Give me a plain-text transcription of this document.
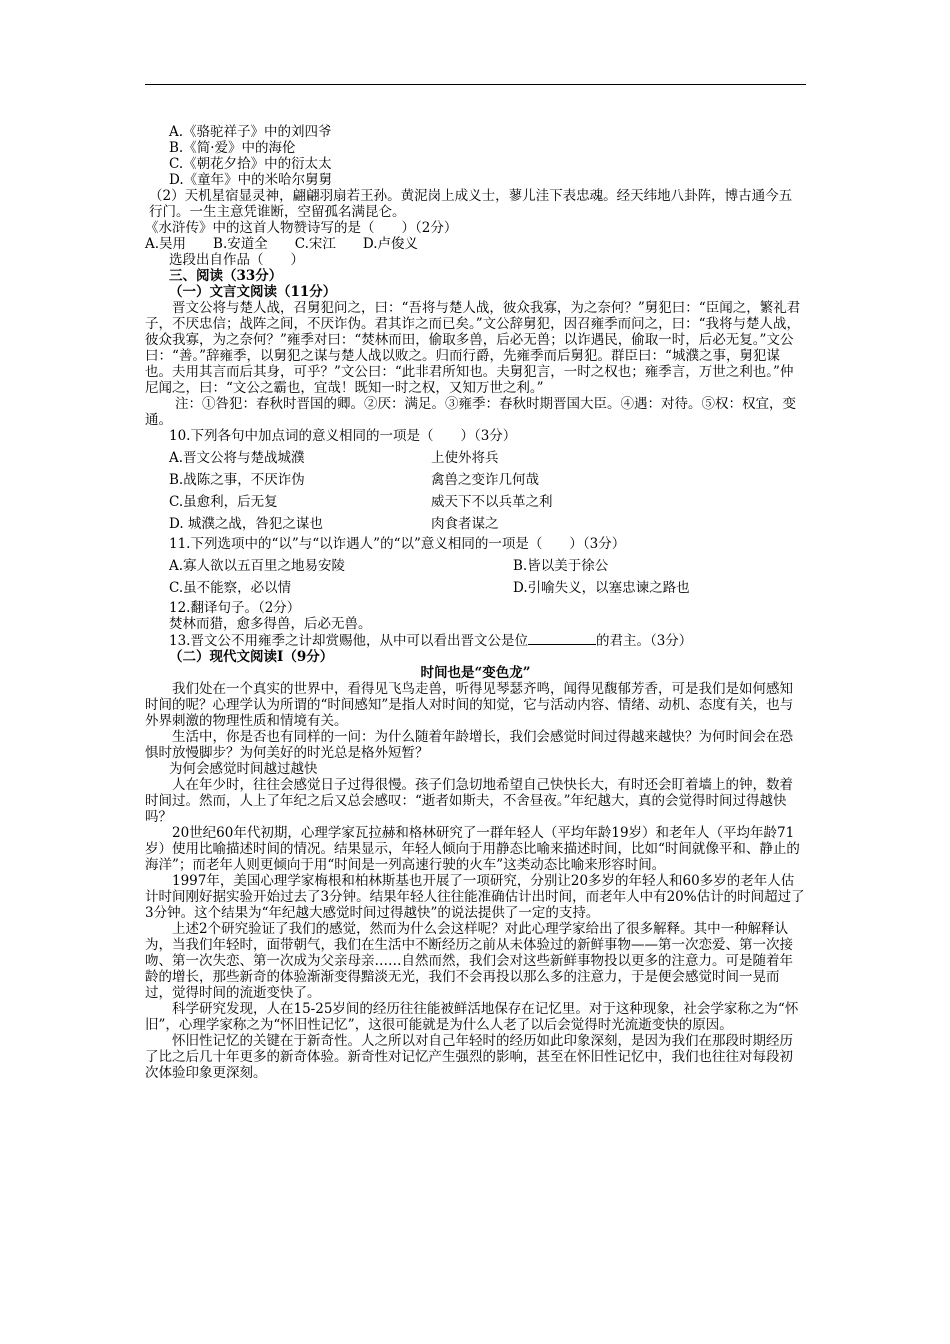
A.《骆驼祥子》中的刘四爷
B.《简·爱》中的海伦
C.《朝花夕拾》中的衍太太
D.《童年》中的米哈尔舅舅
（2）天机星宿显灵神，翩翩羽扇若王孙。黄泥岗上成义士，蓼儿洼下表忠魂。经天纬地八卦阵，博古通今五行门。一生主意凭谁断，空留孤名满昆仑。
《水浒传》中的这首人物赞诗写的是（　　）（2分）
A.吴用　　B.安道全　　C.宋江　　D.卢俊义
选段出自作品（　　）
三、阅读（33分）
（一）文言文阅读（11分）
晋文公将与楚人战，召舅犯问之，曰：“吾将与楚人战，彼众我寡，为之奈何？”舅犯曰：“臣闻之，繁礼君子，不厌忠信；战阵之间，不厌诈伪。君其诈之而已矣。”文公辞舅犯，因召雍季而问之，曰：“我将与楚人战，彼众我寡，为之奈何？”雍季对曰：“焚林而田，偷取多兽，后必无兽；以诈遇民，偷取一时，后必无复。”文公曰：“善。”辞雍季，以舅犯之谋与楚人战以败之。归而行爵，先雍季而后舅犯。群臣曰：“城濮之事，舅犯谋也。夫用其言而后其身，可乎？”文公曰：“此非君所知也。夫舅犯言，一时之权也；雍季言，万世之利也。”仲尼闻之，曰：“文公之霸也，宜哉！既知一时之权，又知万世之利。”
注：①咎犯：春秋时晋国的卿。②厌：满足。③雍季：春秋时期晋国大臣。④遇：对待。⑤权：权宜，变通。
10.下列各句中加点词的意义相同的一项是（　　）（3分）
A.晋文公将与楚战城濮	上使外将兵
B.战陈之事，不厌诈伪	禽兽之变诈几何哉
C.虽愈利，后无复	威天下不以兵革之利
D. 城濮之战，咎犯之谋也	肉食者谋之
11.下列选项中的“以”与“以诈遇人”的“以”意义相同的一项是（　　）（3分）
A.寡人欲以五百里之地易安陵	B.皆以美于徐公
C.虽不能察，必以情	D.引喻失义，以塞忠谏之路也
12.翻译句子。（2分）
焚林而猎，愈多得兽，后必无兽。
13.晋文公不用雍季之计却赏赐他，从中可以看出晋文公是位	的君主。（3分）
（二）现代文阅读Ⅰ（9分）
时间也是“变色龙”
我们处在一个真实的世界中，看得见飞鸟走兽，听得见琴瑟齐鸣，闻得见馥郁芳香，可是我们是如何感知时间的呢？心理学认为所谓的“时间感知”是指人对时间的知觉，它与活动内容、情绪、动机、态度有关，也与外界刺激的物理性质和情境有关。
生活中，你是否也有同样的一问：为什么随着年龄增长，我们会感觉时间过得越来越快？为何时间会在恐惧时放慢脚步？为何美好的时光总是格外短暂？
为何会感觉时间越过越快
人在年少时，往往会感觉日子过得很慢。孩子们急切地希望自己快快长大，有时还会盯着墙上的钟，数着时间过。然而，人上了年纪之后又总会感叹：“逝者如斯夫，不舍昼夜。”年纪越大，真的会觉得时间过得越快吗？
20世纪60年代初期，心理学家瓦拉赫和格林研究了一群年轻人（平均年龄19岁）和老年人（平均年龄71岁）使用比喻描述时间的情况。结果显示，年轻人倾向于用静态比喻来描述时间，比如“时间就像平和、静止的海洋”；而老年人则更倾向于用“时间是一列高速行驶的火车”这类动态比喻来形容时间。
1997年，美国心理学家梅根和柏林斯基也开展了一项研究，分别让20多岁的年轻人和60多岁的老年人估计时间刚好据实验开始过去了3分钟。结果年轻人往往能准确估计出时间，而老年人中有20%估计的时间超过了3分钟。这个结果为“年纪越大感觉时间过得越快”的说法提供了一定的支持。
上述2个研究验证了我们的感觉，然而为什么会这样呢？对此心理学家给出了很多解释。其中一种解释认为，当我们年轻时，面带朝气，我们在生活中不断经历之前从未体验过的新鲜事物——第一次恋爱、第一次接吻、第一次失恋、第一次成为父亲母亲……自然而然，我们会对这些新鲜事物投以更多的注意力。可是随着年龄的增长，那些新奇的体验渐渐变得黯淡无光，我们不会再投以那么多的注意力，于是便会感觉时间一晃而过，觉得时间的流逝变快了。
科学研究发现，人在15-25岁间的经历往往能被鲜活地保存在记忆里。对于这种现象，社会学家称之为“怀旧”，心理学家称之为“怀旧性记忆”，这很可能就是为什么人老了以后会觉得时光流逝变快的原因。
怀旧性记忆的关键在于新奇性。人之所以对自己年轻时的经历如此印象深刻，是因为我们在那段时期经历了比之后几十年更多的新奇体验。新奇性对记忆产生强烈的影响，甚至在怀旧性记忆中，我们也往往对每段初次体验印象更深刻。
